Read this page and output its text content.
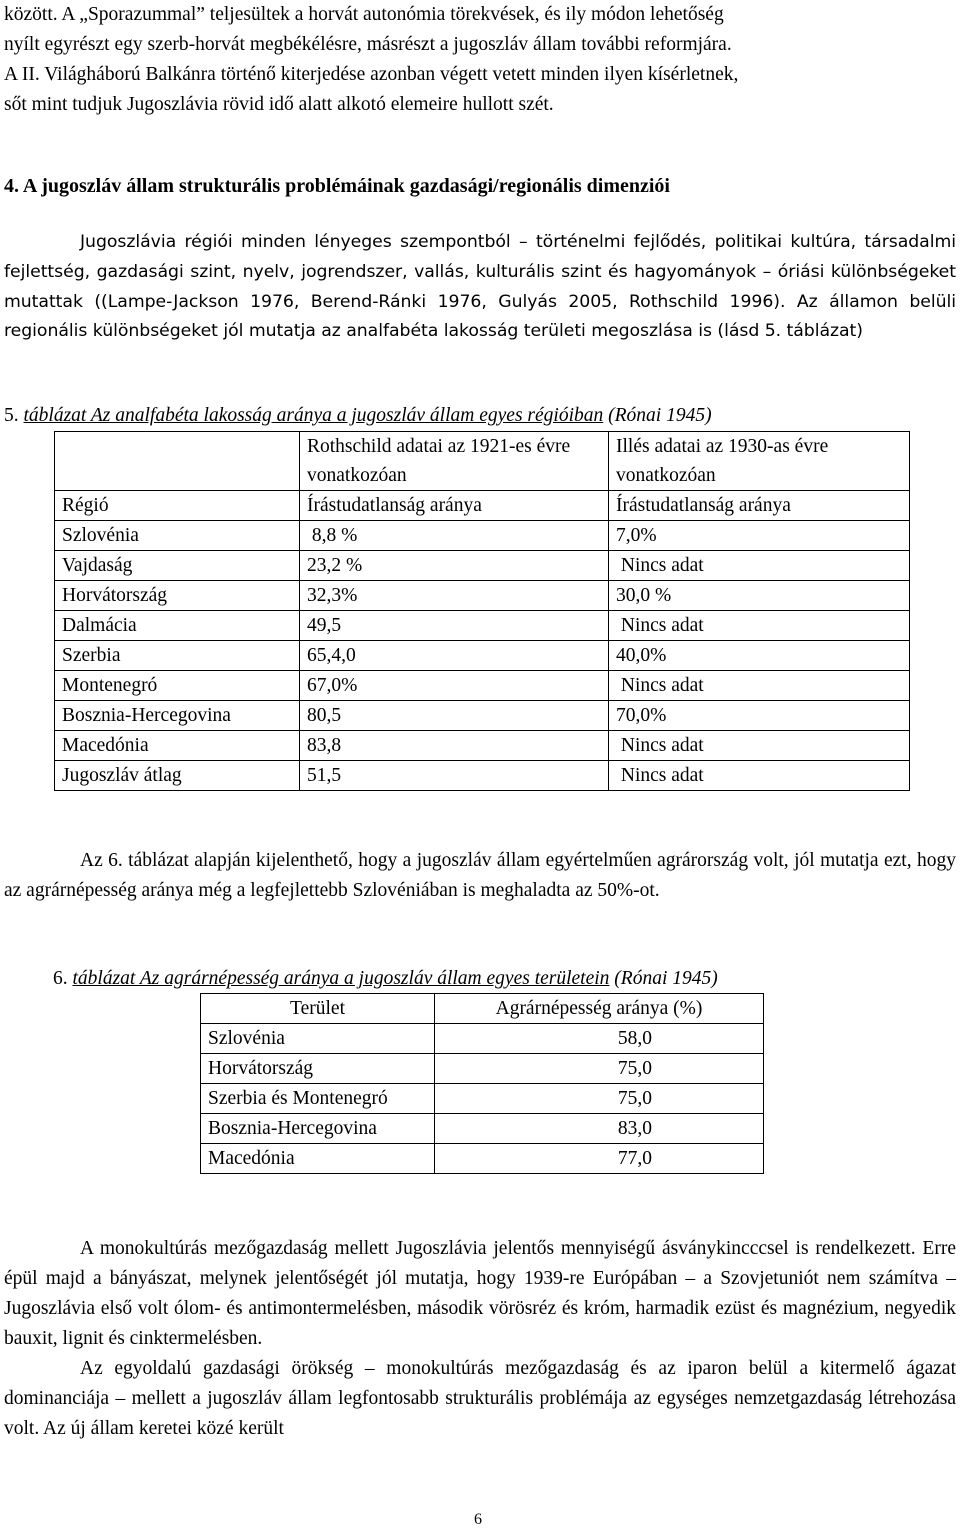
között. A „Sporazummal” teljesültek a horvát autonómia törekvések, és ily módon lehetőség

nyílt egyrészt egy szerb-horvát megbékélésre, másrészt a jugoszláv állam további reformjára.

A II. Világháború Balkánra történő kiterjedése azonban végett vetett minden ilyen kísérletnek,

sőt mint tudjuk Jugoszlávia rövid idő alatt alkotó elemeire hullott szét.

4. A jugoszláv állam strukturális problémáinak gazdasági/regionális dimenziói

Jugoszlávia régiói minden lényeges szempontból – történelmi fejlődés, politikai kultúra, társadalmi fejlettség, gazdasági szint, nyelv, jogrendszer, vallás, kulturális szint és hagyományok – óriási különbségeket mutattak ((Lampe-Jackson 1976, Berend-Ránki 1976, Gulyás 2005, Rothschild 1996). Az államon belüli regionális különbségeket jól mutatja az analfabéta lakosság területi megoszlása is (lásd 5. táblázat)

5. táblázat Az analfabéta lakosság aránya a jugoszláv állam egyes régióiban (Rónai 1945)
	Rothschild adatai az 1921-es évre vonatkozóan	Illés adatai az 1930-as évre vonatkozóan
Régió	Írástudatlanság aránya	Írástudatlanság aránya
Szlovénia	8,8 %	7,0%
Vajdaság	23,2 %	Nincs adat
Horvátország	32,3%	30,0 %
Dalmácia	49,5	Nincs adat
Szerbia	65,4,0	40,0%
Montenegró	67,0%	Nincs adat
Bosznia-Hercegovina	80,5	70,0%
Macedónia	83,8	Nincs adat
Jugoszláv átlag	51,5	Nincs adat

Az 6. táblázat alapján kijelenthető, hogy a jugoszláv állam egyértelműen agrárország volt, jól mutatja ezt, hogy az agrárnépesség aránya még a legfejlettebb Szlovéniában is meghaladta az 50%-ot.

6. táblázat Az agrárnépesség aránya a jugoszláv állam egyes területein (Rónai 1945)
Terület	Agrárnépesség aránya (%)
Szlovénia	58,0
Horvátország	75,0
Szerbia és Montenegró	75,0
Bosznia-Hercegovina	83,0
Macedónia	77,0

A monokultúrás mezőgazdaság mellett Jugoszlávia jelentős mennyiségű ásványkincccsel is rendelkezett. Erre épül majd a bányászat, melynek jelentőségét jól mutatja, hogy 1939-re Európában – a Szovjetuniót nem számítva – Jugoszlávia első volt ólom- és antimontermelésben, második vörösréz és króm, harmadik ezüst és magnézium, negyedik bauxit, lignit és cinktermelésben.

Az egyoldalú gazdasági örökség – monokultúrás mezőgazdaság és az iparon belül a kitermelő ágazat dominanciája – mellett a jugoszláv állam legfontosabb strukturális problémája az egységes nemzetgazdaság létrehozása volt. Az új állam keretei közé került

6
